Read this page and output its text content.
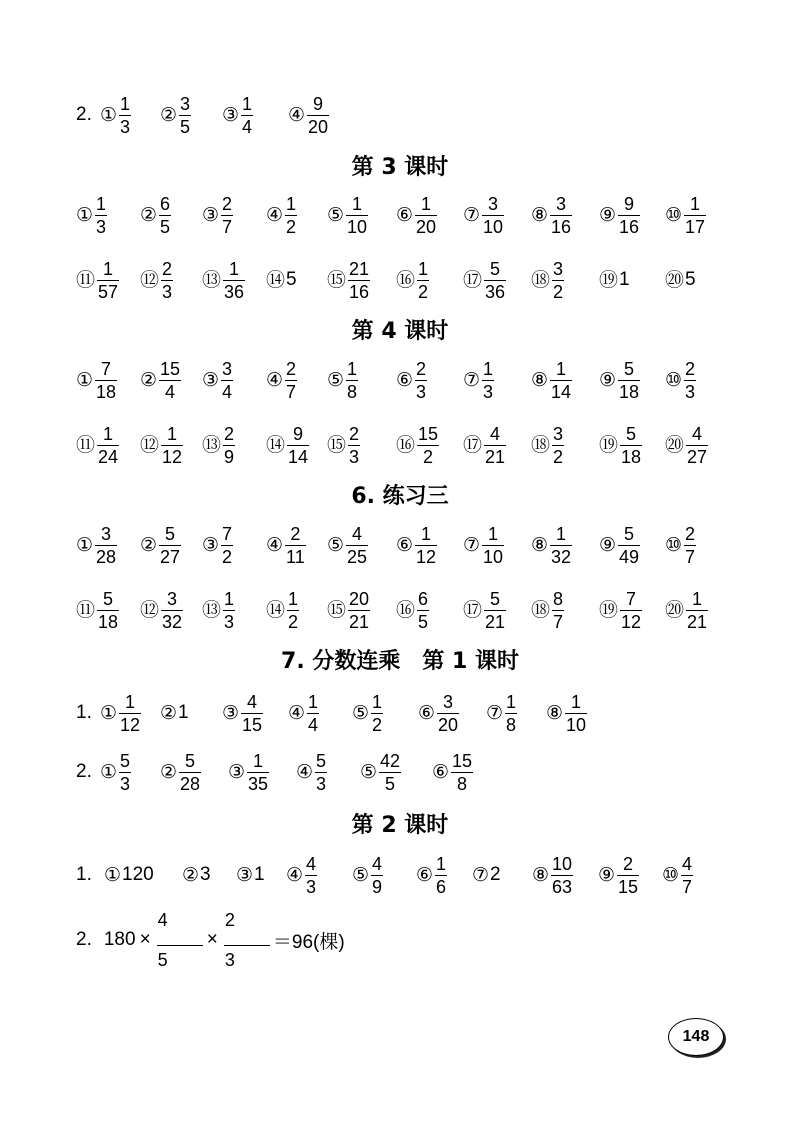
2.
第 3 课时
第 4 课时
6. 练习三
7. 分数连乘　第 1 课时
1.
2.
第 2 课时
1.
2. $180 \times \frac{4}{5} \times \frac{2}{3} =96$(棵)
148
① $\frac{1}{3}$ ② $\frac{3}{5}$ ③ $\frac{1}{4}$ ④ $\frac{9}{20}$
① $\frac{1}{3}$ ② $\frac{6}{5}$ ③ $\frac{2}{7}$ ④ $\frac{1}{2}$ ⑤ $\frac{1}{10}$ ⑥ $\frac{1}{20}$ ⑦ $\frac{3}{10}$ ⑧ $\frac{3}{16}$ ⑨ $\frac{9}{16}$ ⑩ $\frac{1}{17}$
⑪ $\frac{1}{57}$ ⑫ $\frac{2}{3}$ ⑬ $\frac{1}{36}$ ⑭ 5 ⑮ $\frac{21}{16}$ ⑯ $\frac{1}{2}$ ⑰ $\frac{5}{36}$ ⑱ $\frac{3}{2}$ ⑲ 1 ⑳ 5
① $\frac{7}{18}$ ② $\frac{15}{4}$ ③ $\frac{3}{4}$ ④ $\frac{2}{7}$ ⑤ $\frac{1}{8}$ ⑥ $\frac{2}{3}$ ⑦ $\frac{1}{3}$ ⑧ $\frac{1}{14}$ ⑨ $\frac{5}{18}$ ⑩ $\frac{2}{3}$
⑪ $\frac{1}{24}$ ⑫ $\frac{1}{12}$ ⑬ $\frac{2}{9}$ ⑭ $\frac{9}{14}$ ⑮ $\frac{2}{3}$ ⑯ $\frac{15}{2}$ ⑰ $\frac{4}{21}$ ⑱ $\frac{3}{2}$ ⑲ $\frac{5}{18}$ ⑳ $\frac{4}{27}$
① $\frac{3}{28}$ ② $\frac{5}{27}$ ③ $\frac{7}{2}$ ④ $\frac{2}{11}$ ⑤ $\frac{4}{25}$ ⑥ $\frac{1}{12}$ ⑦ $\frac{1}{10}$ ⑧ $\frac{1}{32}$ ⑨ $\frac{5}{49}$ ⑩ $\frac{2}{7}$
⑪ $\frac{5}{18}$ ⑫ $\frac{3}{32}$ ⑬ $\frac{1}{3}$ ⑭ $\frac{1}{2}$ ⑮ $\frac{20}{21}$ ⑯ $\frac{6}{5}$ ⑰ $\frac{5}{21}$ ⑱ $\frac{8}{7}$ ⑲ $\frac{7}{12}$ ⑳ $\frac{1}{21}$
① $\frac{1}{12}$ ② 1 ③ $\frac{4}{15}$ ④ $\frac{1}{4}$ ⑤ $\frac{1}{2}$ ⑥ $\frac{3}{20}$ ⑦ $\frac{1}{8}$ ⑧ $\frac{1}{10}$
① $\frac{5}{3}$ ② $\frac{5}{28}$ ③ $\frac{1}{35}$ ④ $\frac{5}{3}$ ⑤ $\frac{42}{5}$ ⑥ $\frac{15}{8}$
① 120 ② 3 ③ 1 ④ $\frac{4}{3}$ ⑤ $\frac{4}{9}$ ⑥ $\frac{1}{6}$ ⑦ 2 ⑧ $\frac{10}{63}$ ⑨ $\frac{2}{15}$ ⑩ $\frac{4}{7}$
